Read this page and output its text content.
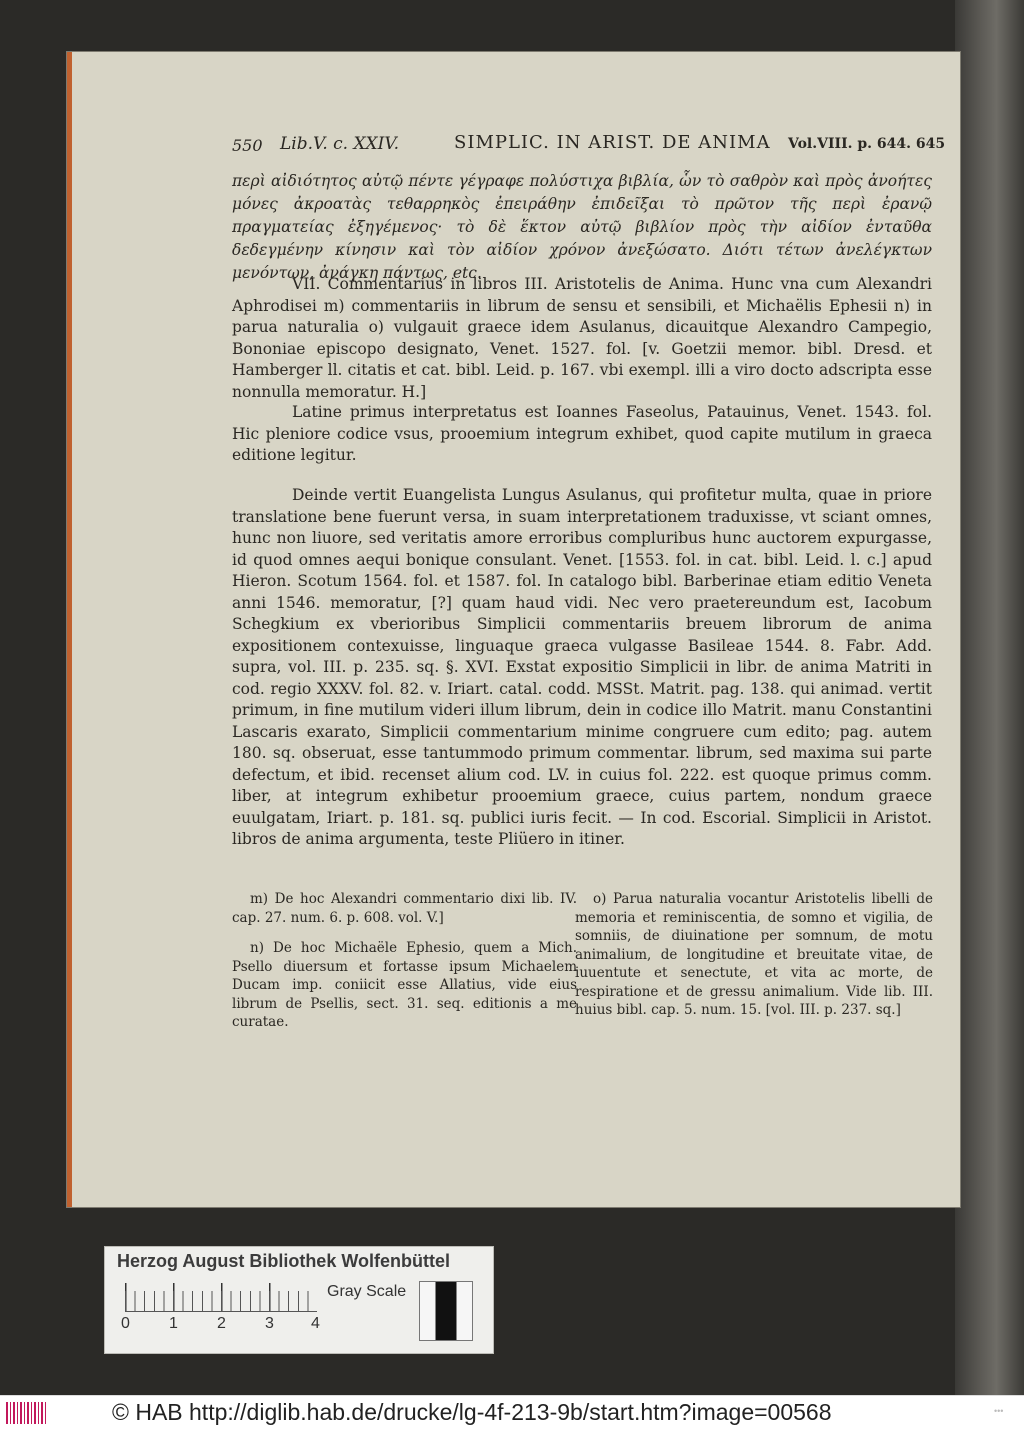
550 Lib.V. c. XXIV.	SIMPLIC. IN ARIST. DE ANIMA Vol.VIII. p. 644. 645
περὶ αἰδιότητος αὐτῷ πέντε γέγραφε πολύστιχα βιβλία, ὧν τὸ σαθρὸν καὶ πρὸς ἀνοήτες μόνες ἀκροατὰς τεθαρρηκὸς ἐπειράθην ἐπιδεῖξαι τὸ πρῶτον τῆς περὶ ἐρανῷ πραγματείας ἐξηγέμενος· τὸ δὲ ἕκτον αὐτῷ βιβλίον πρὸς τὴν αἰδίον ἐνταῦθα δεδεγμένην κίνησιν καὶ τὸν αἰδίον χρόνον ἀνεξώσατο. Διότι τέτων ἀνελέγκτων μενόντων, ἀνάγκη πάντως, etc.
VII. Commentarius in libros III. Aristotelis de Anima. Hunc vna cum Alexandri Aphrodisei m) commentariis in librum de sensu et sensibili, et Michaëlis Ephesii n) in parua naturalia o) vulgauit graece idem Asulanus, dicauitque Alexandro Campegio, Bononiae episcopo designato, Venet. 1527. fol. [v. Goetzii memor. bibl. Dresd. et Hamberger ll. citatis et cat. bibl. Leid. p. 167. vbi exempl. illi a viro docto adscripta esse nonnulla memoratur. H.]
Latine primus interpretatus est Ioannes Faseolus, Patauinus, Venet. 1543. fol. Hic pleniore codice vsus, prooemium integrum exhibet, quod capite mutilum in graeca editione legitur.
Deinde vertit Euangelista Lungus Asulanus, qui profitetur multa, quae in priore translatione bene fuerunt versa, in suam interpretationem traduxisse, vt sciant omnes, hunc non liuore, sed veritatis amore erroribus compluribus hunc auctorem expurgasse, id quod omnes aequi bonique consulant. Venet. [1553. fol. in cat. bibl. Leid. l. c.] apud Hieron. Scotum 1564. fol. et 1587. fol. In catalogo bibl. Barberinae etiam editio Veneta anni 1546. memoratur, [?] quam haud vidi. Nec vero praetereundum est, Iacobum Schegkium ex vberioribus Simplicii commentariis breuem librorum de anima expositionem contexuisse, linguaque graeca vulgasse Basileae 1544. 8. Fabr. Add. supra, vol. III. p. 235. sq. §. XVI. Exstat expositio Simplicii in libr. de anima Matriti in cod. regio XXXV. fol. 82. v. Iriart. catal. codd. MSSt. Matrit. pag. 138. qui animad. vertit primum, in fine mutilum videri illum librum, dein in codice illo Matrit. manu Constantini Lascaris exarato, Simplicii commentarium minime congruere cum edito; pag. autem 180. sq. obseruat, esse tantummodo primum commentar. librum, sed maxima sui parte defectum, et ibid. recenset alium cod. LV. in cuius fol. 222. est quoque primus comm. liber, at integrum exhibetur prooemium graece, cuius partem, nondum graece euulgatam, Iriart. p. 181. sq. publici iuris fecit. — In cod. Escorial. Simplicii in Aristot. libros de anima argumenta, teste Pliüero in itiner.

m) De hoc Alexandri commentario dixi lib. IV. cap. 27. num. 6. p. 608. vol. V.]

n) De hoc Michaële Ephesio, quem a Mich. Psello diuersum et fortasse ipsum Michaelem Ducam imp. coniicit esse Allatius, vide eius librum de Psellis, sect. 31. seq. editionis a me curatae.

o) Parua naturalia vocantur Aristotelis libelli de memoria et reminiscentia, de somno et vigilia, de somniis, de diuinatione per somnum, de motu animalium, de longitudine et breuitate vitae, de iuuentute et senectute, et vita ac morte, de respiratione et de gressu animalium. Vide lib. III. huius bibl. cap. 5. num. 15. [vol. III. p. 237. sq.]

Herzog August Bibliothek Wolfenbüttel
0 1 2 3 4
Gray Scale
© HAB http://diglib.hab.de/drucke/lg-4f-213-9b/start.htm?image=00568	•••
